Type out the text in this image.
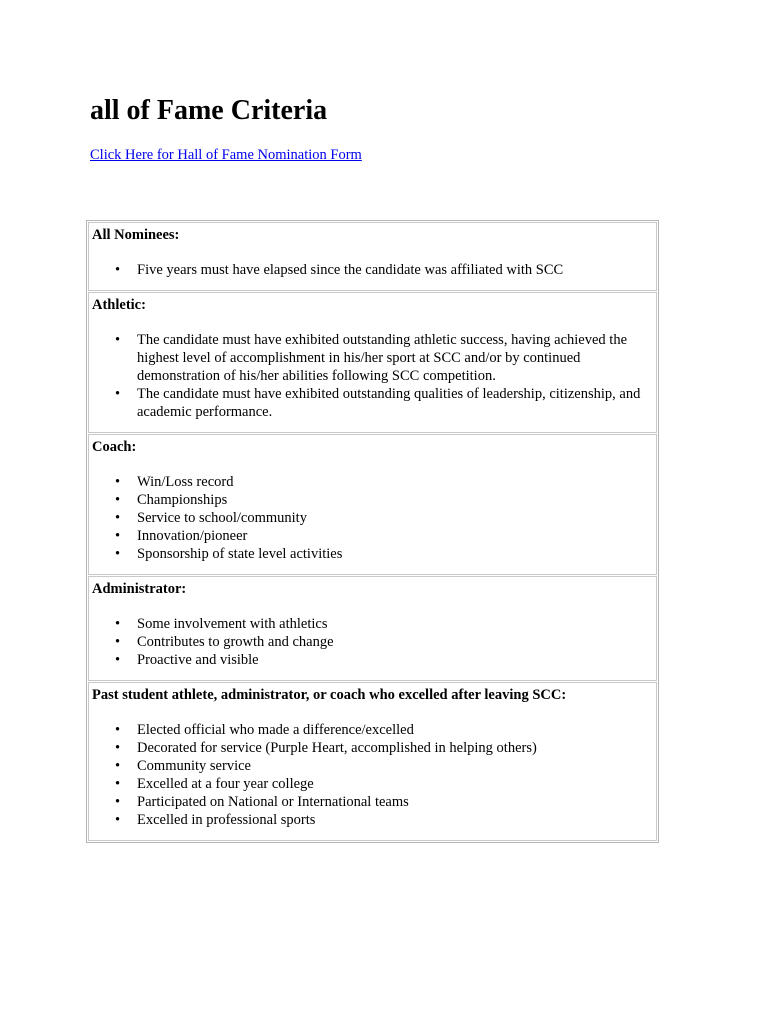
all of Fame Criteria
Click Here for Hall of Fame Nomination Form

All Nominees:

• Five years must have elapsed since the candidate was affiliated with SCC

Athletic:

• The candidate must have exhibited outstanding athletic success, having achieved the highest level of accomplishment in his/her sport at SCC and/or by continued demonstration of his/her abilities following SCC competition.
• The candidate must have exhibited outstanding qualities of leadership, citizenship, and academic performance.

Coach:

• Win/Loss record
• Championships
• Service to school/community
• Innovation/pioneer
• Sponsorship of state level activities

Administrator:

• Some involvement with athletics
• Contributes to growth and change
• Proactive and visible

Past student athlete, administrator, or coach who excelled after leaving SCC:

• Elected official who made a difference/excelled
• Decorated for service (Purple Heart, accomplished in helping others)
• Community service
• Excelled at a four year college
• Participated on National or International teams
• Excelled in professional sports
